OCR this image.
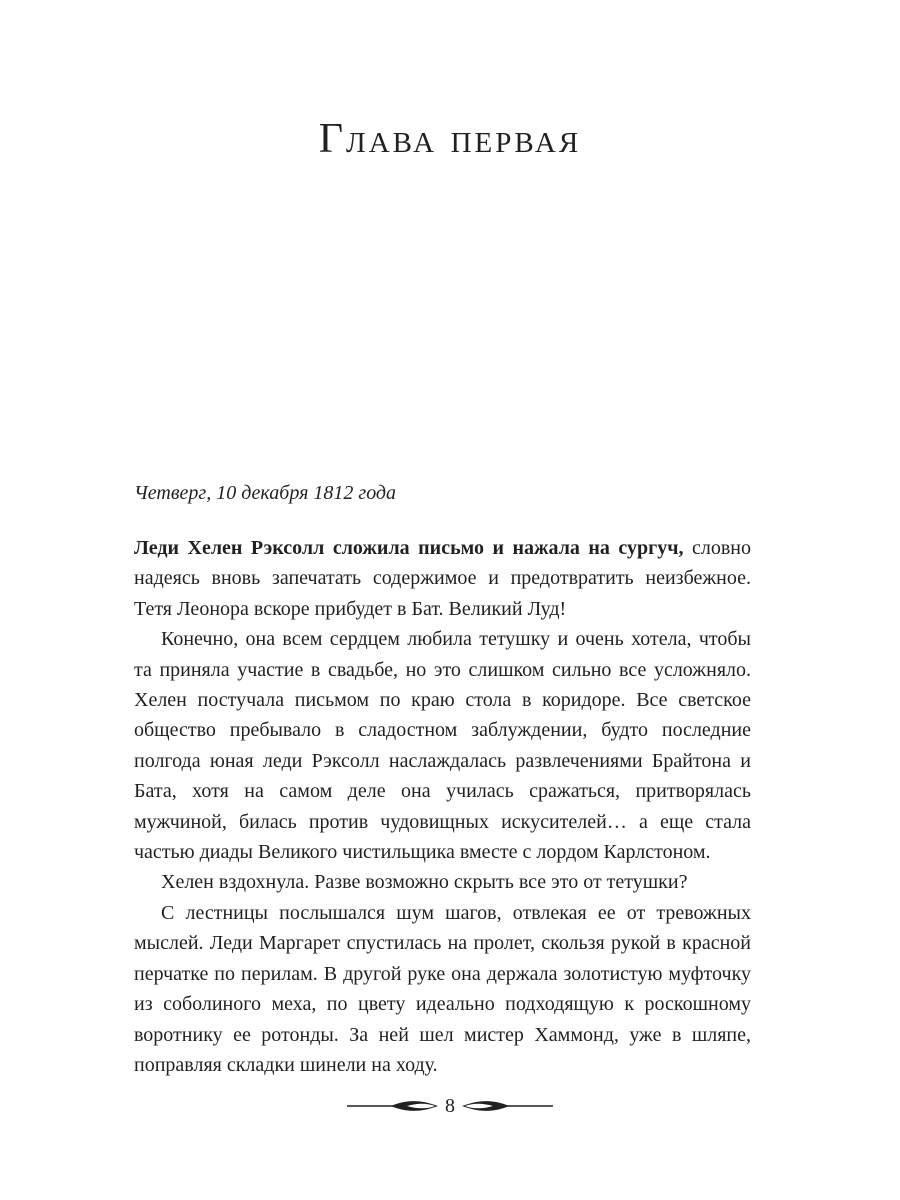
Глава первая

Четверг, 10 декабря 1812 года

Леди Хелен Рэксолл сложила письмо и нажала на сургуч, словно надеясь вновь запечатать содержимое и предотвратить неизбежное. Тетя Леонора вскоре прибудет в Бат. Великий Луд!

Конечно, она всем сердцем любила тетушку и очень хотела, чтобы та приняла участие в свадьбе, но это слишком сильно все усложняло. Хелен постучала письмом по краю стола в коридоре. Все светское общество пребывало в сладостном заблуждении, будто последние полгода юная леди Рэксолл наслаждалась развлечениями Брайтона и Бата, хотя на самом деле она училась сражаться, притворялась мужчиной, билась против чудовищных искусителей… а еще стала частью диады Великого чистильщика вместе с лордом Карлстоном.

Хелен вздохнула. Разве возможно скрыть все это от тетушки?

С лестницы послышался шум шагов, отвлекая ее от тревожных мыслей. Леди Маргарет спустилась на пролет, скользя рукой в красной перчатке по перилам. В другой руке она держала золотистую муфточку из соболиного меха, по цвету идеально подходящую к роскошному воротнику ее ротонды. За ней шел мистер Хаммонд, уже в шляпе, поправляя складки шинели на ходу.

8
